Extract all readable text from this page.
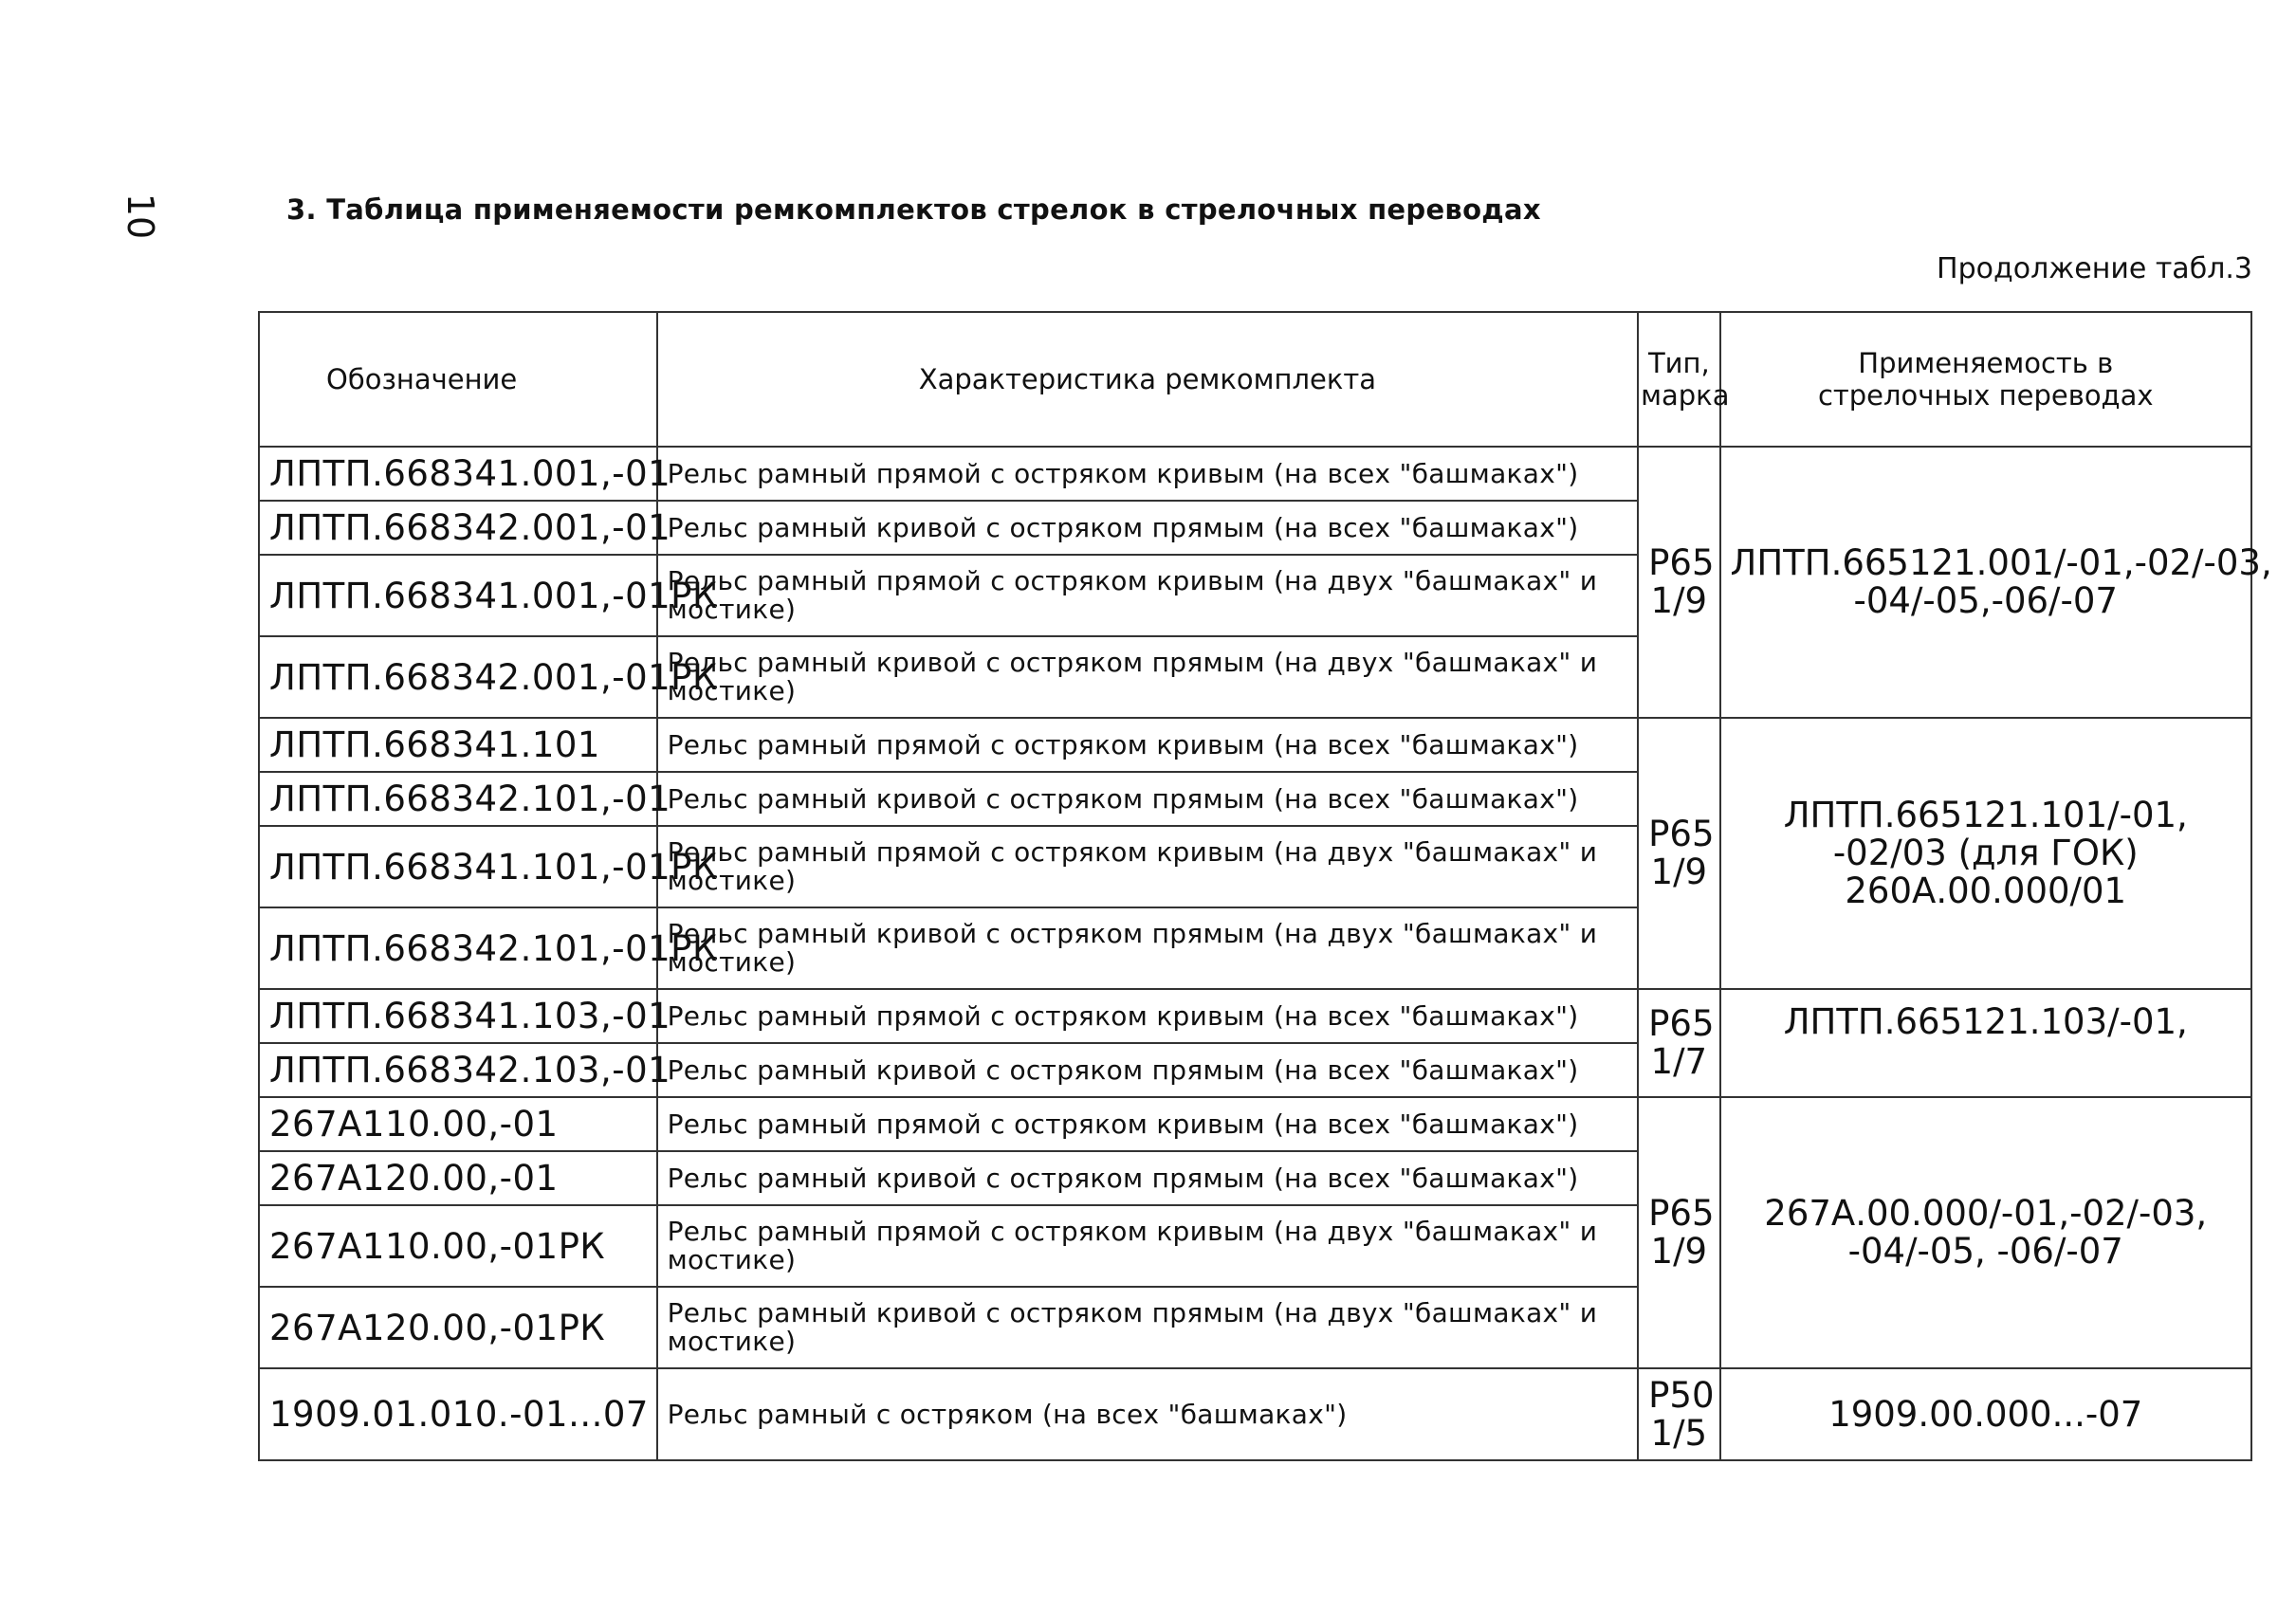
10	3. Таблица применяемости ремкомплектов стрелок в стрелочных переводах
Продолжение табл.3
Обозначение	Характеристика ремкомплекта	Тип, марка	Применяемость в стрелочных переводах
ЛПТП.668341.001,-01	Рельс рамный прямой с остряком кривым (на всех "башмаках")	Р65 1/9	ЛПТП.665121.001/-01,-02/-03, -04/-05,-06/-07
ЛПТП.668342.001,-01	Рельс рамный кривой с остряком прямым (на всех "башмаках")		
ЛПТП.668341.001,-01РК	Рельс рамный прямой с остряком кривым (на двух "башмаках" и мостике)		
ЛПТП.668342.001,-01РК	Рельс рамный кривой с остряком прямым (на двух "башмаках" и мостике)		
ЛПТП.668341.101	Рельс рамный прямой с остряком кривым (на всех "башмаках")	Р65 1/9	ЛПТП.665121.101/-01, -02/03 (для ГОК) 260А.00.000/01
ЛПТП.668342.101,-01	Рельс рамный кривой с остряком прямым (на всех "башмаках")		
ЛПТП.668341.101,-01РК	Рельс рамный прямой с остряком кривым (на двух "башмаках" и мостике)		
ЛПТП.668342.101,-01РК	Рельс рамный кривой с остряком прямым (на двух "башмаках" и мостике)		
ЛПТП.668341.103,-01	Рельс рамный прямой с остряком кривым (на всех "башмаках")	Р65 1/7	ЛПТП.665121.103/-01,
ЛПТП.668342.103,-01	Рельс рамный кривой с остряком прямым (на всех "башмаках")		
267А110.00,-01	Рельс рамный прямой с остряком кривым (на всех "башмаках")	Р65 1/9	267А.00.000/-01,-02/-03, -04/-05, -06/-07
267А120.00,-01	Рельс рамный кривой с остряком прямым (на всех "башмаках")		
267А110.00,-01РК	Рельс рамный прямой с остряком кривым (на двух "башмаках" и мостике)		
267А120.00,-01РК	Рельс рамный кривой с остряком прямым (на двух "башмаках" и мостике)		
1909.01.010.-01...07	Рельс рамный с остряком (на всех "башмаках")	Р50 1/5	1909.00.000...-07
